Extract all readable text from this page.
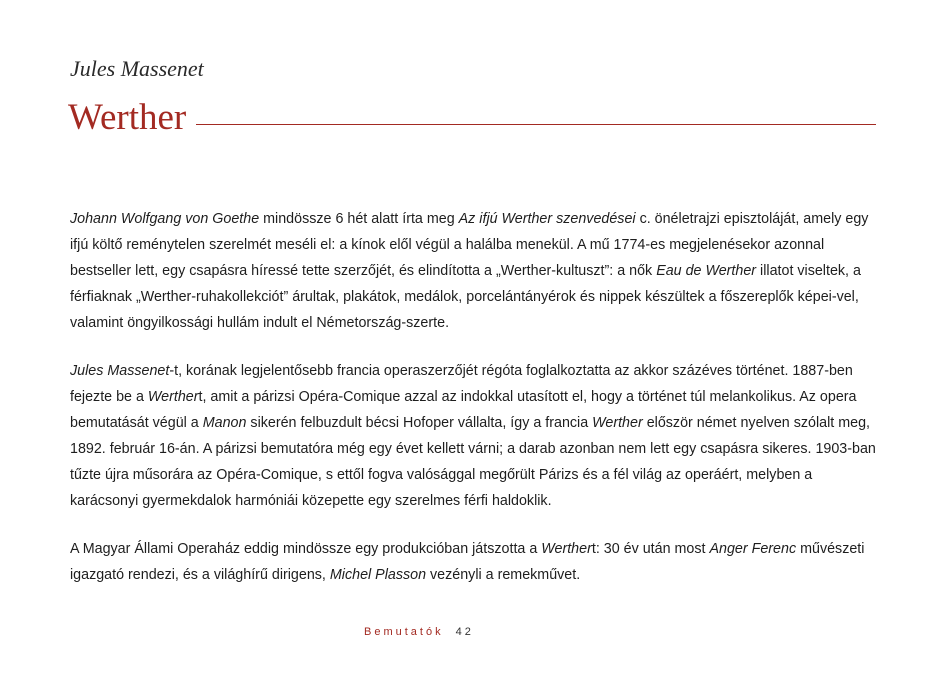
Jules Massenet
Werther

Johann Wolfgang von Goethe mindössze 6 hét alatt írta meg Az ifjú Werther szenvedései c. önéletrajzi episztoláját, amely egy ifjú költő reménytelen szerelmét meséli el: a kínok elől végül a halálba menekül. A mű 1774-es megjelenésekor azonnal bestseller lett, egy csapásra híressé tette szerzőjét, és elindította a „Werther-kultuszt”: a nők Eau de Werther illatot viseltek, a férfiaknak „Werther-ruhakollekciót” árultak, plakátok, medálok, porcelántányérok és nippek készültek a főszereplők képei-vel, valamint öngyilkossági hullám indult el Németország-szerte.

Jules Massenet-t, korának legjelentősebb francia operaszerzőjét régóta foglalkoztatta az akkor százéves történet. 1887-ben fejezte be a Werthert, amit a párizsi Opéra-Comique azzal az indokkal utasított el, hogy a történet túl melankolikus. Az opera bemutatását végül a Manon sikerén felbuzdult bécsi Hofoper vállalta, így a francia Werther először német nyelven szólalt meg, 1892. február 16-án. A párizsi bemutatóra még egy évet kellett várni; a darab azonban nem lett egy csapásra sikeres. 1903-ban tűzte újra műsorára az Opéra-Comique, s ettől fogva valósággal megőrült Párizs és a fél világ az operáért, melyben a karácsonyi gyermekdalok harmóniái közepette egy szerelmes férfi haldoklik.

A Magyar Állami Operaház eddig mindössze egy produkcióban játszotta a Werthert: 30 év után most Anger Ferenc művészeti igazgató rendezi, és a világhírű dirigens, Michel Plasson vezényli a remekművet.

Bemutatók 42
